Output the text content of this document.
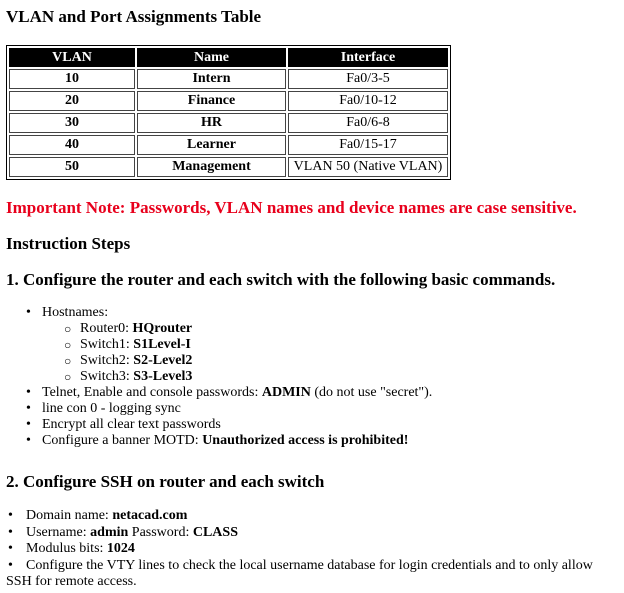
VLAN and Port Assignments Table
VLAN	Name	Interface
10	Intern	Fa0/3-5
20	Finance	Fa0/10-12
30	HR	Fa0/6-8
40	Learner	Fa0/15-17
50	Management	VLAN 50 (Native VLAN)

Important Note: Passwords, VLAN names and device names are case sensitive.

Instruction Steps
1. Configure the router and each switch with the following basic commands.
• Hostnames:
○ Router0: HQrouter
○ Switch1: S1Level-I
○ Switch2: S2-Level2
○ Switch3: S3-Level3
• Telnet, Enable and console passwords: ADMIN (do not use "secret").
• line con 0 - logging sync
• Encrypt all clear text passwords
• Configure a banner MOTD: Unauthorized access is prohibited!
2. Configure SSH on router and each switch
• Domain name: netacad.com
• Username: admin Password: CLASS
• Modulus bits: 1024
• Configure the VTY lines to check the local username database for login credentials and to only allow SSH for remote access.
